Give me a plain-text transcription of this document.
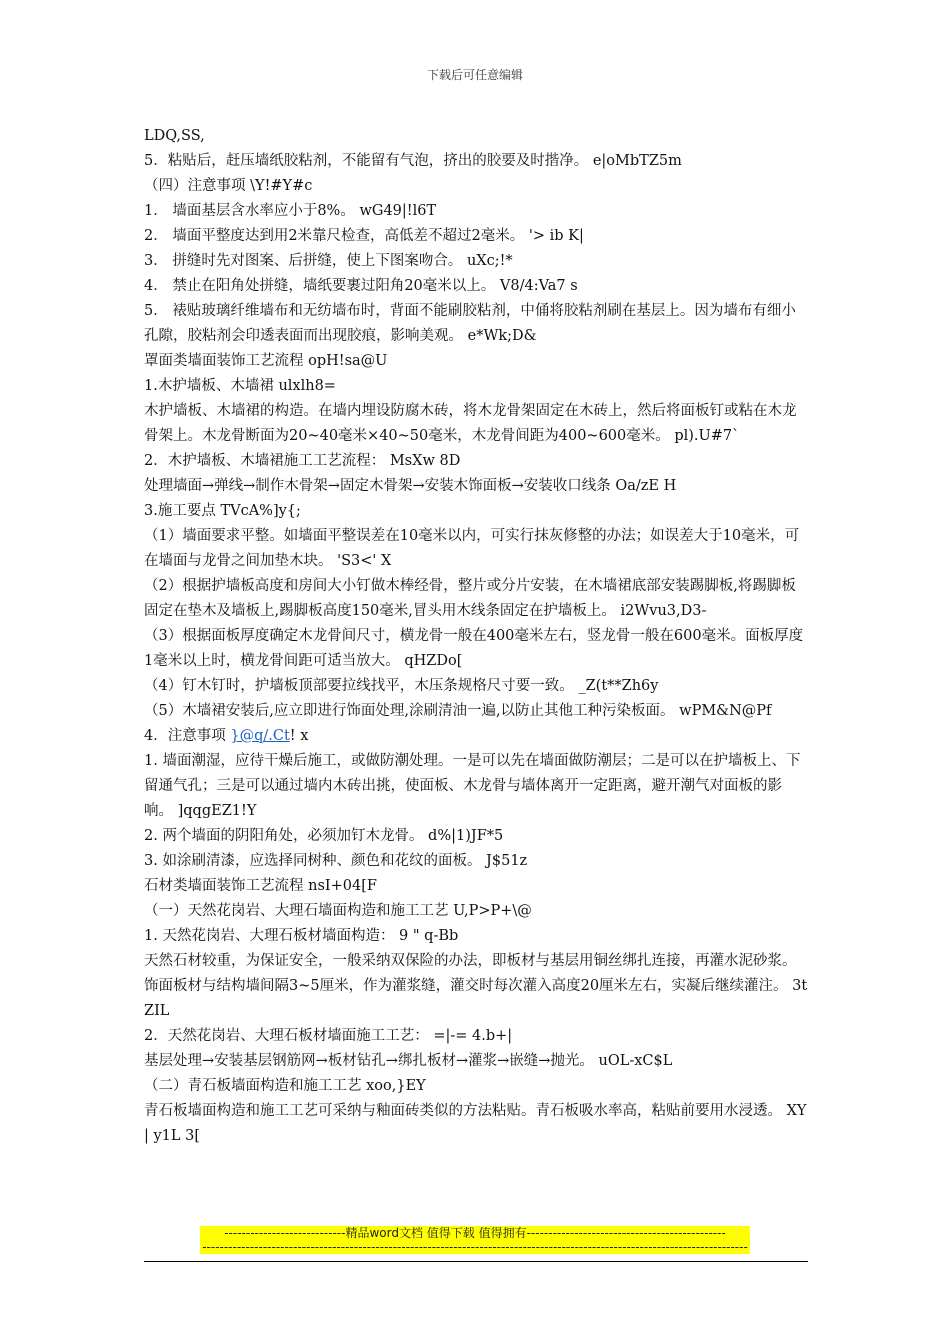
下载后可任意编辑

LDQ,SS,

5．粘贴后，赶压墙纸胶粘剂，不能留有气泡，挤出的胶要及时揩净。 e|oMbTZ5m

（四）注意事项 \Y!#Y#c

1． 墙面基层含水率应小于8%。 wG49|!l6T

2． 墙面平整度达到用2米靠尺检查，高低差不超过2毫米。 '> ib K|

3． 拼缝时先对图案、后拼缝，使上下图案吻合。 uXc;!*

4． 禁止在阳角处拼缝，墙纸要裹过阳角20毫米以上。 V8/4:Va7 s

5． 裱贴玻璃纤维墙布和无纺墙布时，背面不能刷胶粘剂，中俑将胶粘剂刷在基层上。因为墙布有细小孔隙，胶粘剂会印透表面而出现胶痕，影响美观。 e*Wk;D&

罩面类墙面装饰工艺流程 opH!sa@U

1.木护墙板、木墙裙 ulxlh8=

木护墙板、木墙裙的构造。在墙内埋设防腐木砖，将木龙骨架固定在木砖上，然后将面板钉或粘在木龙骨架上。木龙骨断面为20~40毫米×40~50毫米，木龙骨间距为400~600毫米。 pl).U#7`

2．木护墙板、木墙裙施工工艺流程： MsXw 8D

处理墙面→弹线→制作木骨架→固定木骨架→安装木饰面板→安装收口线条 Oa/zE H

3.施工要点 TVcA%]y{;

（1）墙面要求平整。如墙面平整误差在10毫米以内，可实行抹灰修整的办法；如误差大于10毫米，可在墙面与龙骨之间加垫木块。 'S3<' X

（2）根据护墙板高度和房间大小钉做木棒经骨，整片或分片安装，在木墙裙底部安装踢脚板,将踢脚板固定在垫木及墙板上,踢脚板高度150毫米,冒头用木线条固定在护墙板上。 i2Wvu3,D3-

（3）根据面板厚度确定木龙骨间尺寸，横龙骨一般在400毫米左右，竖龙骨一般在600毫米。面板厚度1毫米以上时，横龙骨间距可适当放大。 qHZDo[

（4）钉木钉时，护墙板顶部要拉线找平，木压条规格尺寸要一致。 _Z(t**Zh6y

（5）木墙裙安装后,应立即进行饰面处理,涂刷清油一遍,以防止其他工种污染板面。 wPM&N@Pf

4．注意事项 }@q/.Ct! x

1. 墙面潮湿，应待干燥后施工，或做防潮处理。一是可以先在墙面做防潮层；二是可以在护墙板上、下留通气孔；三是可以通过墙内木砖出挑，使面板、木龙骨与墙体离开一定距离，避开潮气对面板的影响。 ]qqgEZ1!Y

2. 两个墙面的阴阳角处，必须加钉木龙骨。 d%|1)JF*5

3. 如涂刷清漆，应选择同树种、颜色和花纹的面板。 J$51z

石材类墙面装饰工艺流程 nsI+04[F

（一）天然花岗岩、大理石墙面构造和施工工艺 U,P>P+\@

1. 天然花岗岩、大理石板材墙面构造： 9 " q-Bb

天然石材较重，为保证安全，一般采纳双保险的办法，即板材与基层用铜丝绑扎连接，再灌水泥砂浆。饰面板材与结构墙间隔3~5厘米，作为灌浆缝，灌交时每次灌入高度20厘米左右，实凝后继续灌注。 3tZIL

2．天然花岗岩、大理石板材墙面施工工艺： =|-= 4.b+|

基层处理→安装基层钢筋网→板材钻孔→绑扎板材→灌浆→嵌缝→抛光。 uOL-xC$L

（二）青石板墙面构造和施工工艺 xoo,}EY

青石板墙面构造和施工工艺可采纳与釉面砖类似的方法粘贴。青石板吸水率高，粘贴前要用水浸透。 XY| y1L 3[

----------------------------精品word文档 值得下载 值得拥有----------------------------------------------
------------------------------------------------------------------------------------------------------------------------------
